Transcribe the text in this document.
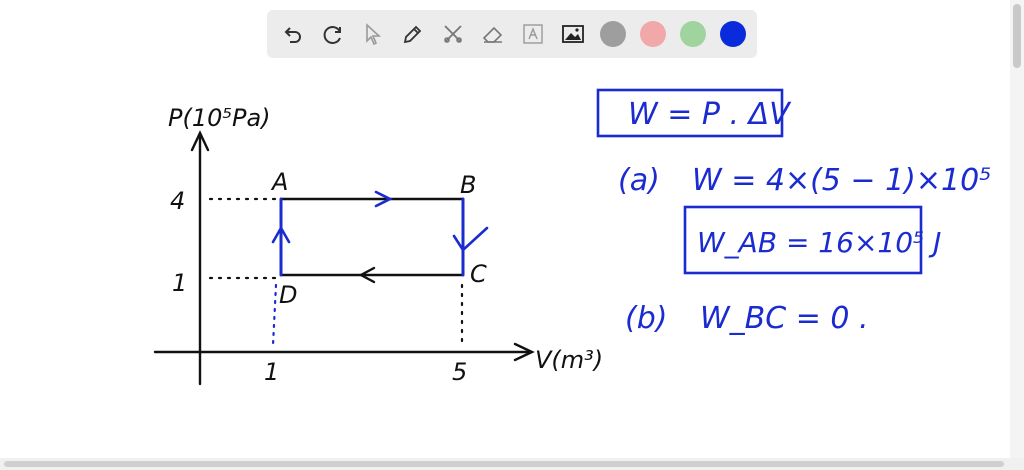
P(10⁵Pa)
V(m³)
4
1
1	5
A	B
C
D
W = P . ΔV
(a) W = 4×(5 − 1)×10⁵
W_AB = 16×10⁵ J
(b) W_BC = 0 .
